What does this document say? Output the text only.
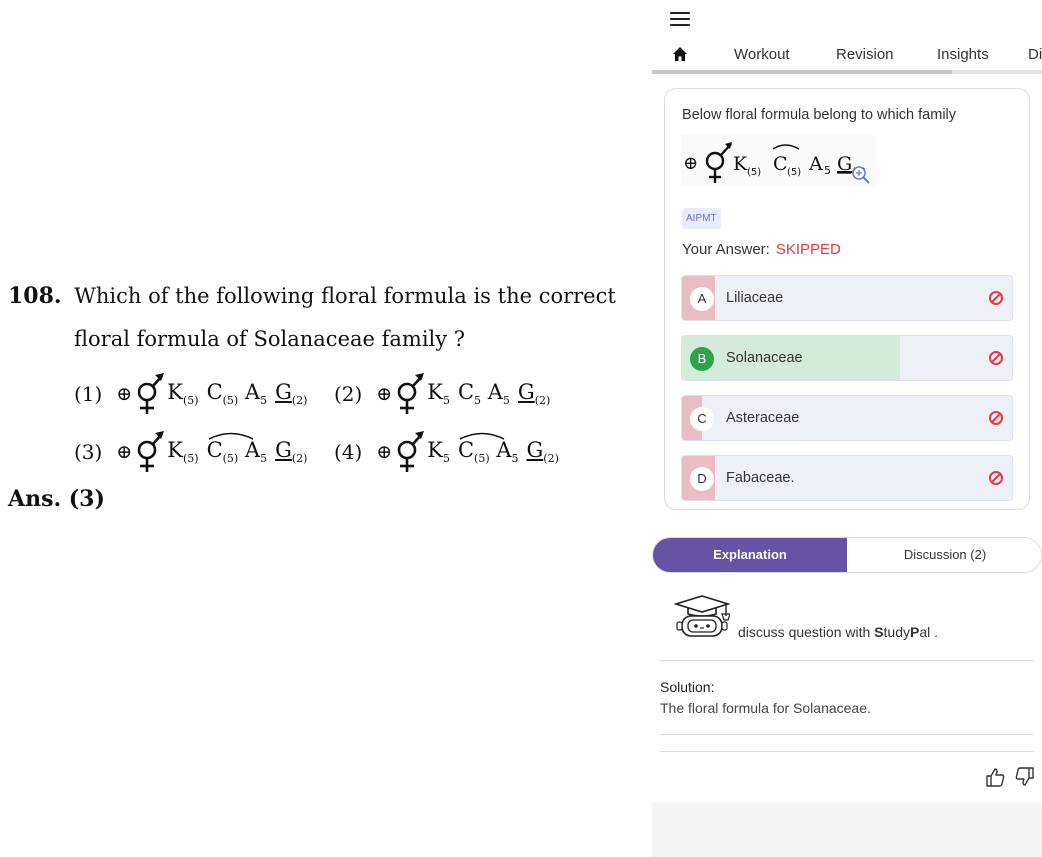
108. Which of the following floral formula is the correct
floral formula of Solanaceae family ?
(1) ⊕ $K_{(5)}$ $C_{(5)}$ $A_5$ $G_{(2)}$ (2) ⊕ $K_5$ $C_5$ $A_5$ $G_{(2)}$
(3) ⊕ $K_{(5)}$ $C_{(5)}$ $A_5$ $G_{(2)}$ (4) ⊕ $K_5$ $C_{(5)}$ $A_5$ $G_{(2)}$
Ans. (3)
Workout	Revision	Insights	Di
Below floral formula belong to which family
⊕ K (5) C (5) A 5 G
AIPMT
Your Answer: SKIPPED
A	Liliaceae
B	Solanaceae
C	Asteraceae
D	Fabaceae.
Explanation	Discussion (2)
discuss question with StudyPal .
Solution:
The floral formula for Solanaceae.
